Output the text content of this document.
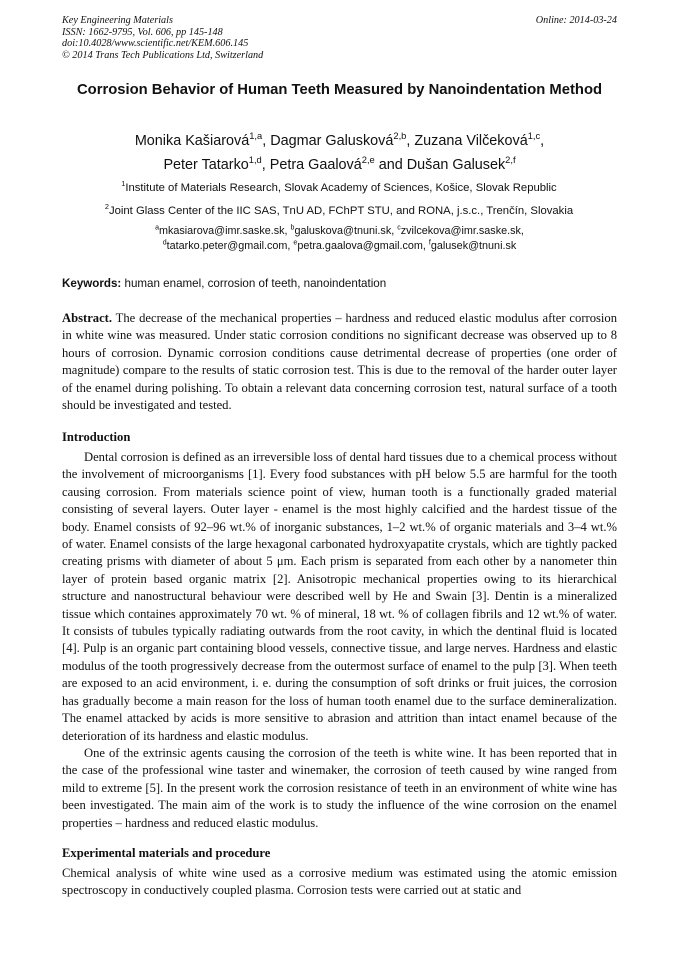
Key Engineering Materials
ISSN: 1662-9795, Vol. 606, pp 145-148
doi:10.4028/www.scientific.net/KEM.606.145
© 2014 Trans Tech Publications Ltd, Switzerland
Online: 2014-03-24
Corrosion Behavior of Human Teeth Measured by Nanoindentation Method
Monika Kašiarová$^{1,a}$, Dagmar Galusková$^{2,b}$, Zuzana Vilčeková$^{1,c}$,
Peter Tatarko$^{1,d}$, Petra Gaalová$^{2,e}$ and Dušan Galusek$^{2,f}$
$^1$Institute of Materials Research, Slovak Academy of Sciences, Košice, Slovak Republic
$^2$Joint Glass Center of the IIC SAS, TnU AD, FChPT STU, and RONA, j.s.c., Trenčín, Slovakia
$^a$mkasiarova@imr.saske.sk, $^b$galuskova@tnuni.sk, $^c$zvilcekova@imr.saske.sk,
$^d$tatarko.peter@gmail.com, $^e$petra.gaalova@gmail.com, $^f$galusek@tnuni.sk
Keywords: human enamel, corrosion of teeth, nanoindentation
Abstract. The decrease of the mechanical properties – hardness and reduced elastic modulus after corrosion in white wine was measured. Under static corrosion conditions no significant decrease was observed up to 8 hours of corrosion. Dynamic corrosion conditions cause detrimental decrease of properties (one order of magnitude) compare to the results of static corrosion test. This is due to the removal of the harder outer layer of the enamel during polishing. To obtain a relevant data concerning corrosion test, natural surface of a tooth should be investigated and tested.
Introduction

Dental corrosion is defined as an irreversible loss of dental hard tissues due to a chemical process without the involvement of microorganisms [1]. Every food substances with pH below 5.5 are harmful for the tooth causing corrosion. From materials science point of view, human tooth is a functionally graded material consisting of several layers. Outer layer - enamel is the most highly calcified and the hardest tissue of the body. Enamel consists of 92–96 wt.% of inorganic substances, 1–2 wt.% of organic materials and 3–4 wt.% of water. Enamel consists of the large hexagonal carbonated hydroxyapatite crystals, which are tightly packed creating prisms with diameter of about 5 μm. Each prism is separated from each other by a nanometer thin layer of protein based organic matrix [2]. Anisotropic mechanical properties owing to its hierarchical structure and nanostructural behaviour were described well by He and Swain [3]. Dentin is a mineralized tissue which containes approximately 70 wt. % of mineral, 18 wt. % of collagen fibrils and 12 wt.% of water. It consists of tubules typically radiating outwards from the root cavity, in which the dentinal fluid is located [4]. Pulp is an organic part containing blood vessels, connective tissue, and large nerves. Hardness and elastic modulus of the tooth progressively decrease from the outermost surface of enamel to the pulp [3]. When teeth are exposed to an acid environment, i. e. during the consumption of soft drinks or fruit juices, the corrosion has gradually become a main reason for the loss of human tooth enamel due to the surface demineralization. The enamel attacked by acids is more sensitive to abrasion and attrition than intact enamel because of the deterioration of its hardness and elastic modulus.

One of the extrinsic agents causing the corrosion of the teeth is white wine. It has been reported that in the case of the professional wine taster and winemaker, the corrosion of teeth caused by wine ranged from mild to extreme [5]. In the present work the corrosion resistance of teeth in an environment of white wine has been investigated. The main aim of the work is to study the influence of the wine corrosion on the enamel properties – hardness and reduced elastic modulus.

Experimental materials and procedure

Chemical analysis of white wine used as a corrosive medium was estimated using the atomic emission spectroscopy in conductively coupled plasma. Corrosion tests were carried out at static and
